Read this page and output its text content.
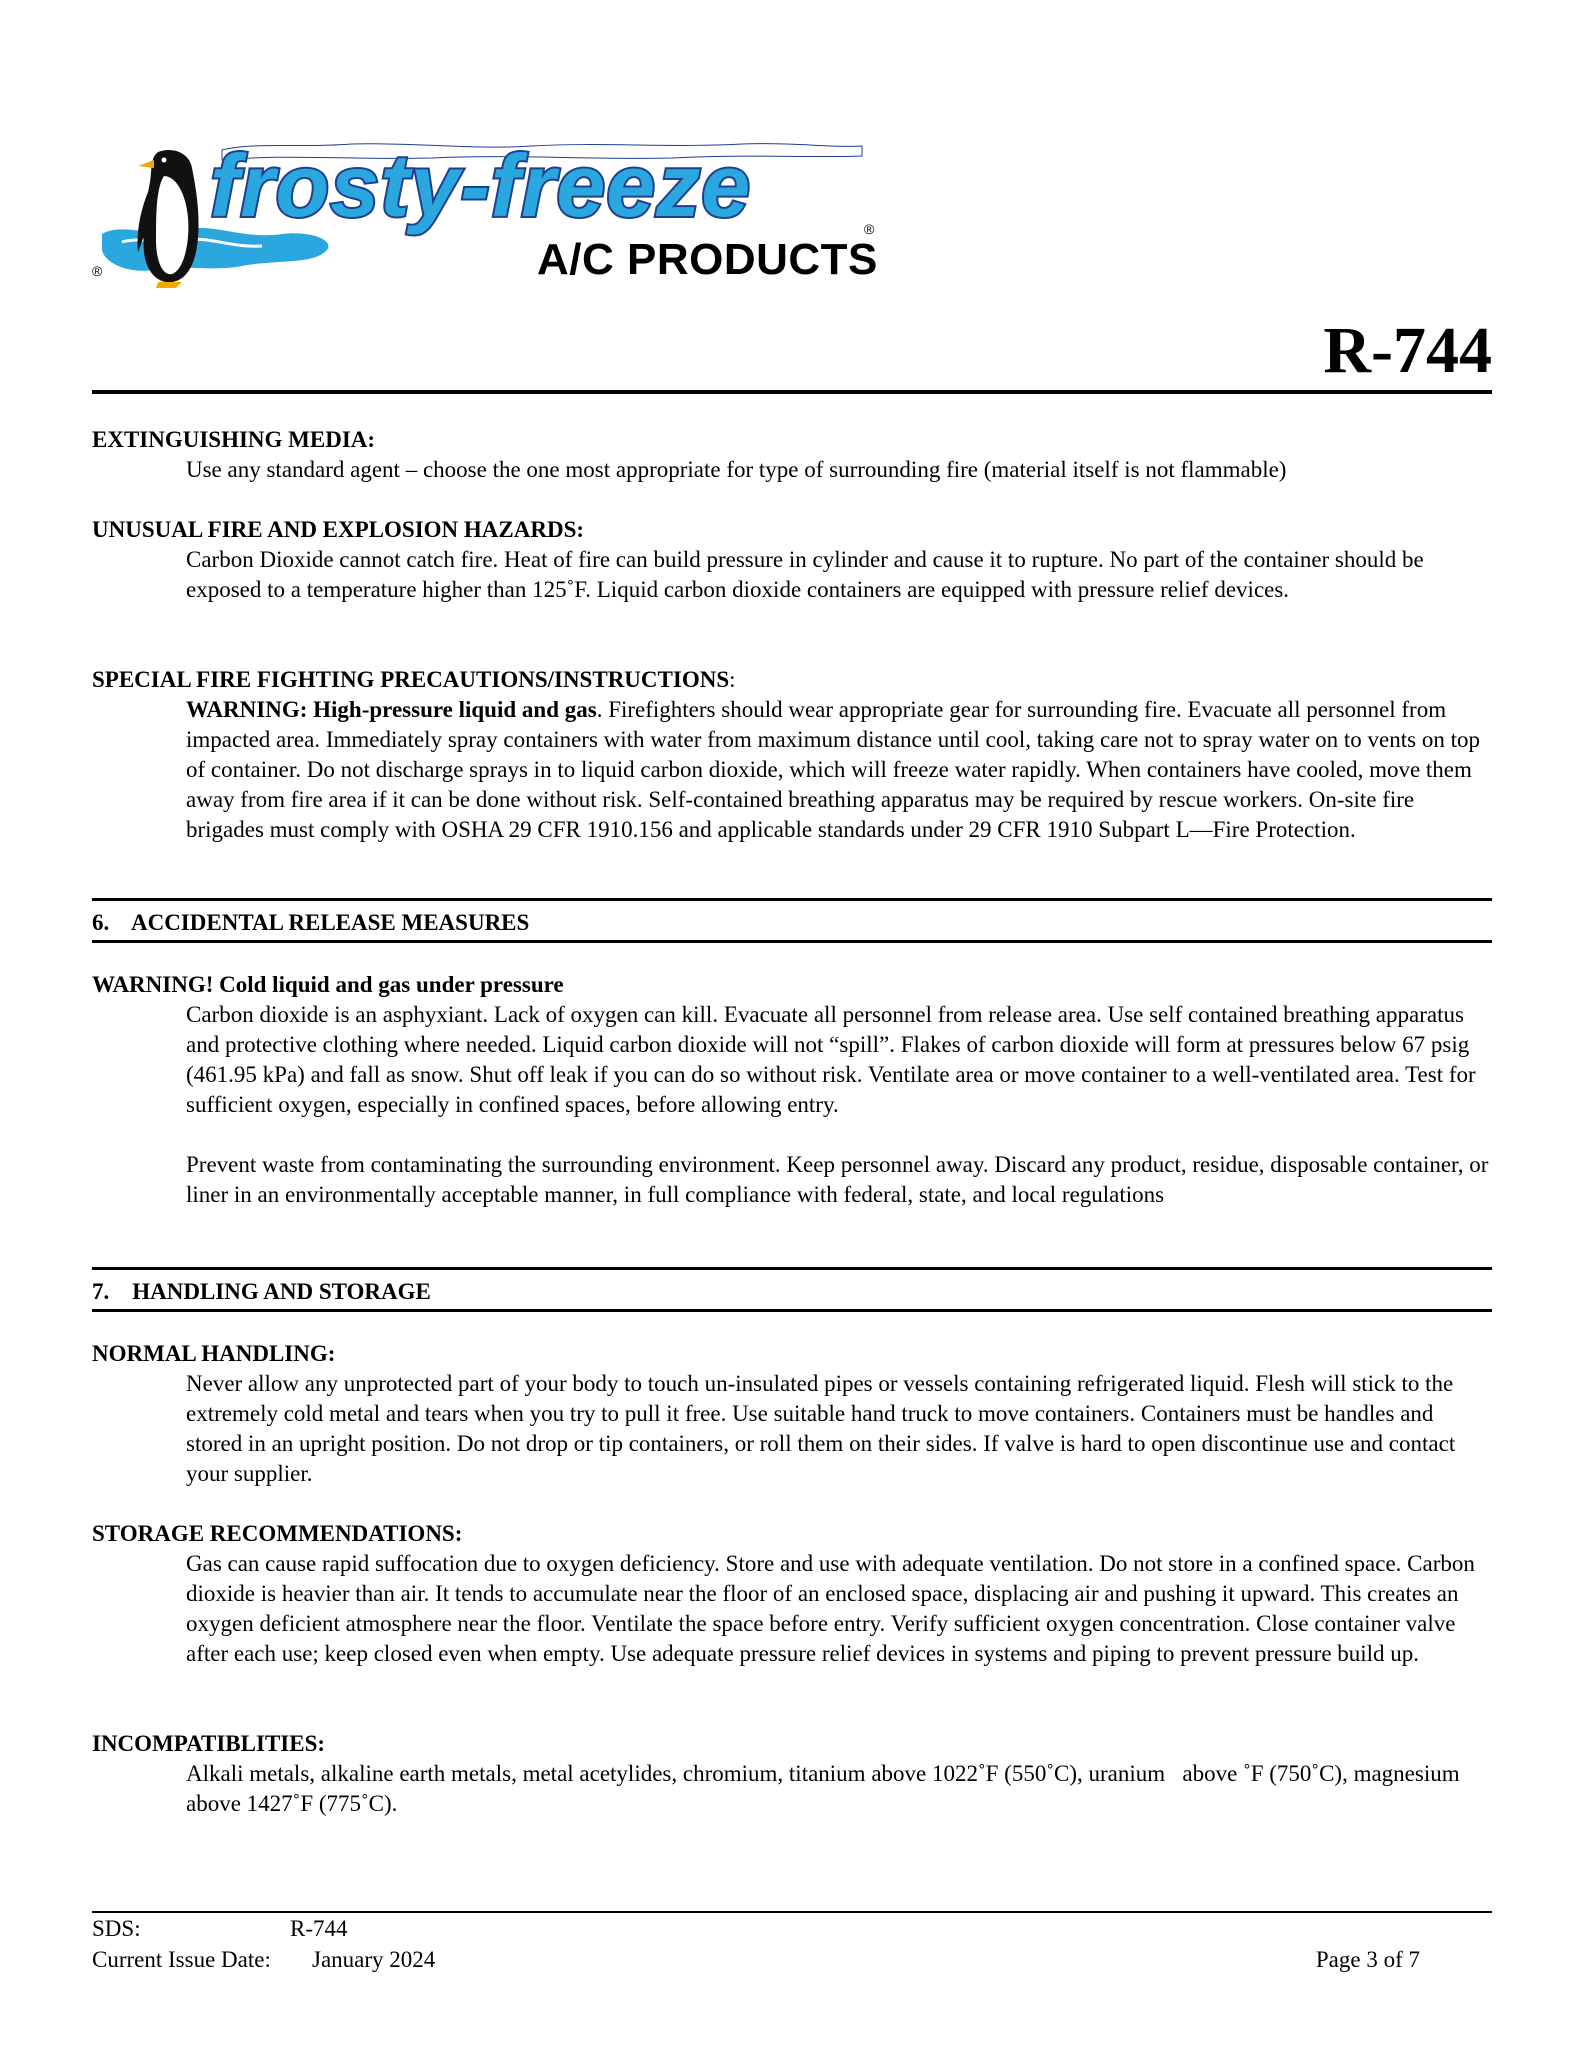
frosty-freeze
A/C PRODUCTS
®
®
R-744
EXTINGUISHING MEDIA:
Use any standard agent – choose the one most appropriate for type of surrounding fire (material itself is not flammable)
UNUSUAL FIRE AND EXPLOSION HAZARDS:
Carbon Dioxide cannot catch fire. Heat of fire can build pressure in cylinder and cause it to rupture. No part of the container should be exposed to a temperature higher than 125˚F. Liquid carbon dioxide containers are equipped with pressure relief devices.
SPECIAL FIRE FIGHTING PRECAUTIONS/INSTRUCTIONS:
WARNING: High-pressure liquid and gas. Firefighters should wear appropriate gear for surrounding fire. Evacuate all personnel from impacted area. Immediately spray containers with water from maximum distance until cool, taking care not to spray water on to vents on top of container. Do not discharge sprays in to liquid carbon dioxide, which will freeze water rapidly. When containers have cooled, move them away from fire area if it can be done without risk. Self-contained breathing apparatus may be required by rescue workers. On-site fire brigades must comply with OSHA 29 CFR 1910.156 and applicable standards under 29 CFR 1910 Subpart L—Fire Protection.
6.    ACCIDENTAL RELEASE MEASURES
WARNING! Cold liquid and gas under pressure
Carbon dioxide is an asphyxiant. Lack of oxygen can kill. Evacuate all personnel from release area. Use self contained breathing apparatus and protective clothing where needed. Liquid carbon dioxide will not “spill”. Flakes of carbon dioxide will form at pressures below 67 psig (461.95 kPa) and fall as snow. Shut off leak if you can do so without risk. Ventilate area or move container to a well-ventilated area. Test for sufficient oxygen, especially in confined spaces, before allowing entry.
Prevent waste from contaminating the surrounding environment. Keep personnel away. Discard any product, residue, disposable container, or liner in an environmentally acceptable manner, in full compliance with federal, state, and local regulations
7.    HANDLING AND STORAGE
NORMAL HANDLING:
Never allow any unprotected part of your body to touch un-insulated pipes or vessels containing refrigerated liquid. Flesh will stick to the extremely cold metal and tears when you try to pull it free. Use suitable hand truck to move containers. Containers must be handles and stored in an upright position. Do not drop or tip containers, or roll them on their sides. If valve is hard to open discontinue use and contact your supplier.
STORAGE RECOMMENDATIONS:
Gas can cause rapid suffocation due to oxygen deficiency. Store and use with adequate ventilation. Do not store in a confined space. Carbon dioxide is heavier than air. It tends to accumulate near the floor of an enclosed space, displacing air and pushing it upward. This creates an oxygen deficient atmosphere near the floor. Ventilate the space before entry. Verify sufficient oxygen concentration. Close container valve after each use; keep closed even when empty. Use adequate pressure relief devices in systems and piping to prevent pressure build up.
INCOMPATIBLITIES:
Alkali metals, alkaline earth metals, metal acetylides, chromium, titanium above 1022˚F (550˚C), uranium   above ˚F (750˚C), magnesium above 1427˚F (775˚C).
SDS:	R-744
Current Issue Date: January 2024	Page 3 of 7
